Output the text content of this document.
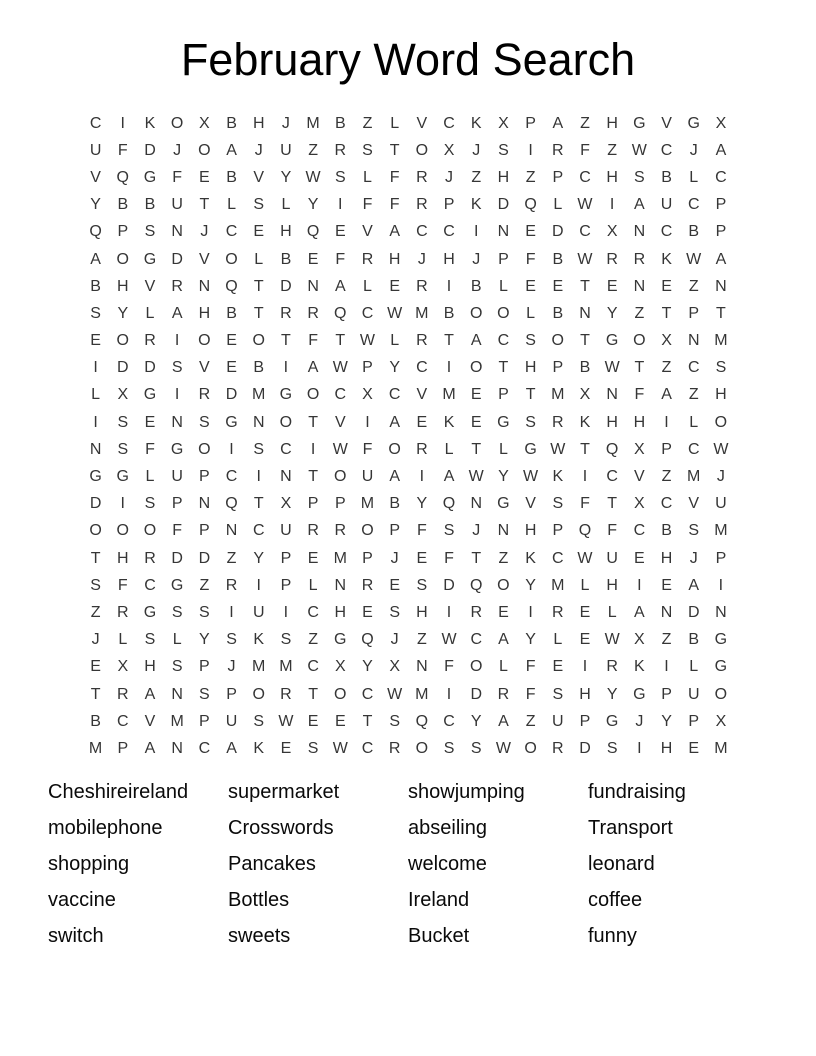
February Word Search
C	I	K O X	B	H	J	M B	Z	L	V	C	K	X	P	A	Z	H G V G X
U	F	D	J	O A	J	U	Z	R	S	T	O X	J	S	I	R	F	Z W C	J	A
V Q G	F	E	B	V	Y W S	L	F	R	J	Z	H	Z	P	C H	S	B	L	C
Y	B	B	U	T	L	S	L	Y	I	F	F	R	P	K	D Q	L W	I	A	U C	P
Q P	S	N	J	C	E	H Q E	V	A	C C	I	N	E	D C	X	N C	B	P
A O G D	V O	L	B	E	F	R H	J	H	J	P	F	B W R R	K W A
B	H	V	R N Q	T	D N	A	L	E	R	I	B	L	E	E	T	E	N	E	Z	N
S	Y	L	A	H	B	T	R R Q C W M B O O	L	B	N	Y	Z	T	P	T
E O R	I	O E O	T	F	T W L	R	T	A	C	S O	T	G O X	N M
I	D D	S	V	E	B	I	A W P	Y	C	I	O	T	H	P	B W T	Z	C	S
L	X G	I	R D M G O C	X	C	V M E	P	T M X	N	F	A	Z	H
I	S	E	N	S G N O	T	V	I	A	E	K	E G S	R	K	H H	I	L	O
N	S	F	G O	I	S	C	I	W F	O R	L	T	L	G W T	Q X	P	C W
G G	L	U	P	C	I	N	T	O U	A	I	A W Y W K	I	C	V	Z M	J
D	I	S	P	N Q	T	X	P	P M B	Y Q N G V	S	F	T	X	C	V	U
O O O	F	P	N C U R R O P	F	S	J	N H	P Q	F	C	B	S M
T	H R D D	Z	Y	P	E M P	J	E	F	T	Z	K	C W U	E	H	J	P
S	F	C G	Z	R	I	P	L	N R	E	S	D Q O Y M	L	H	I	E	A	I
Z	R G S	S	I	U	I	C H	E	S	H	I	R	E	I	R	E	L	A	N D N
J	L	S	L	Y	S	K	S	Z	G Q	J	Z W C	A	Y	L	E W X	Z	B G
E	X	H	S	P	J	M M C	X	Y	X	N	F	O	L	F	E	I	R	K	I	L	G
T	R	A	N	S	P O R	T	O C W M	I	D R	F	S	H	Y G P	U O
B	C	V M P	U	S W E	E	T	S Q C	Y	A	Z	U	P G	J	Y	P	X
M P	A	N C	A	K	E	S W C R O S	S W O R D	S	I	H	E M
Cheshireireland
mobilephone
shopping
vaccine
switch
supermarket
Crosswords
Pancakes
Bottles
sweets
showjumping
abseiling
welcome
Ireland
Bucket
fundraising
Transport
leonard
coffee
funny
